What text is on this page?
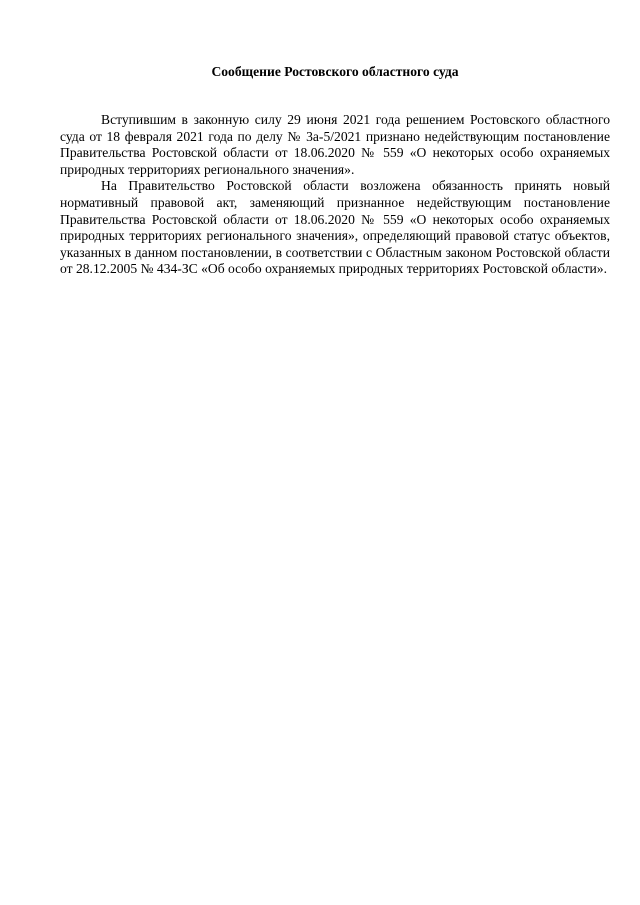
Сообщение Ростовского областного суда

Вступившим в законную силу 29 июня 2021 года решением Ростовского областного суда от 18 февраля 2021 года по делу № 3а-5/2021 признано недействующим постановление Правительства Ростовской области от 18.06.2020 № 559 «О некоторых особо охраняемых природных территориях регионального значения».

На Правительство Ростовской области возложена обязанность принять новый нормативный правовой акт, заменяющий признанное недействующим постановление Правительства Ростовской области от 18.06.2020 № 559 «О некоторых особо охраняемых природных территориях регионального значения», определяющий правовой статус объектов, указанных в данном постановлении, в соответствии с Областным законом Ростовской области от 28.12.2005 № 434-ЗС «Об особо охраняемых природных территориях Ростовской области».
